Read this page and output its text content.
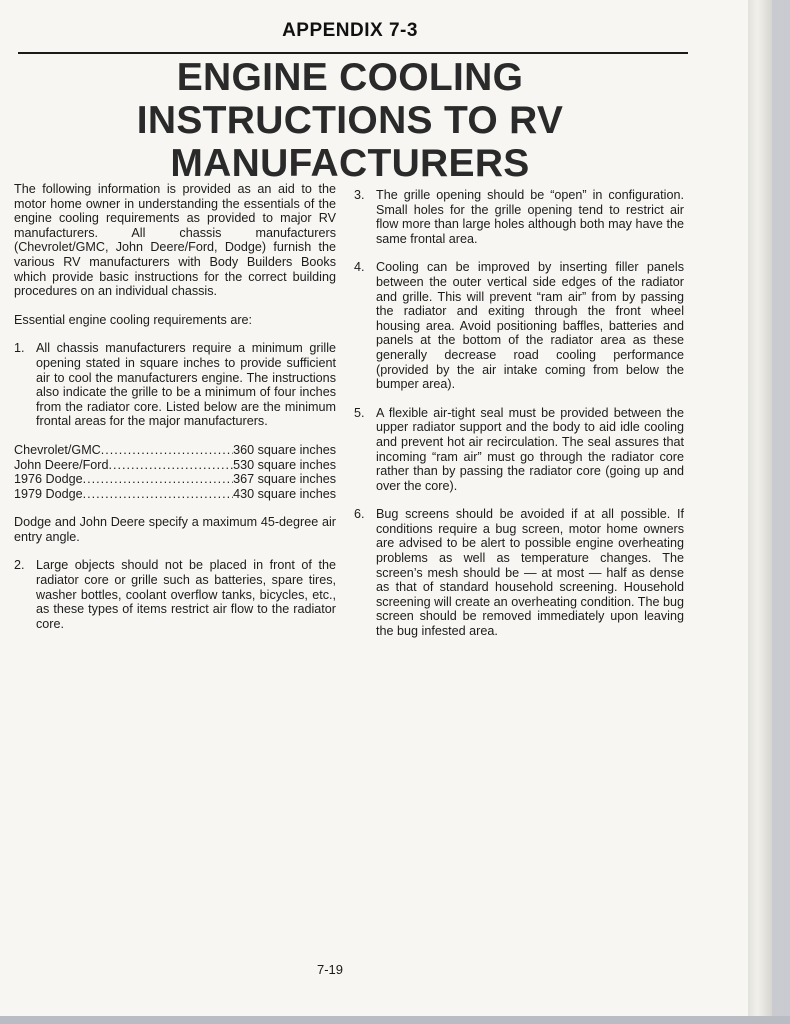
APPENDIX 7-3
ENGINE COOLING
INSTRUCTIONS TO RV
MANUFACTURERS

The following information is provided as an aid to the motor home owner in understanding the essentials of the engine cooling requirements as provided to major RV manufacturers. All chassis manufacturers (Chevrolet/GMC, John Deere/Ford, Dodge) furnish the various RV manufacturers with Body Builders Books which provide basic instructions for the correct building procedures on an individual chassis.

Essential engine cooling requirements are:

1. All chassis manufacturers require a minimum grille opening stated in square inches to provide sufficient air to cool the manufacturers engine. The instructions also indicate the grille to be a minimum of four inches from the radiator core. Listed below are the minimum frontal areas for the major manufacturers.
Chevrolet/GMC .....	360 square inches
John Deere/Ford .....	530 square inches
1976 Dodge .....	367 square inches
1979 Dodge .....	430 square inches

Dodge and John Deere specify a maximum 45-degree air entry angle.

2. Large objects should not be placed in front of the radiator core or grille such as batteries, spare tires, washer bottles, coolant overflow tanks, bicycles, etc., as these types of items restrict air flow to the radiator core.
3. The grille opening should be “open” in configuration. Small holes for the grille opening tend to restrict air flow more than large holes although both may have the same frontal area.
4. Cooling can be improved by inserting filler panels between the outer vertical side edges of the radiator and grille. This will prevent “ram air” from by passing the radiator and exiting through the front wheel housing area. Avoid positioning baffles, batteries and panels at the bottom of the radiator area as these generally decrease road cooling performance (provided by the air intake coming from below the bumper area).
5. A flexible air-tight seal must be provided between the upper radiator support and the body to aid idle cooling and prevent hot air recirculation. The seal assures that incoming “ram air” must go through the radiator core rather than by passing the radiator core (going up and over the core).
6. Bug screens should be avoided if at all possible. If conditions require a bug screen, motor home owners are advised to be alert to possible engine overheating problems as well as temperature changes. The screen’s mesh should be — at most — half as dense as that of standard household screening. Household screening will create an overheating condition. The bug screen should be removed immediately upon leaving the bug infested area.
7-19
